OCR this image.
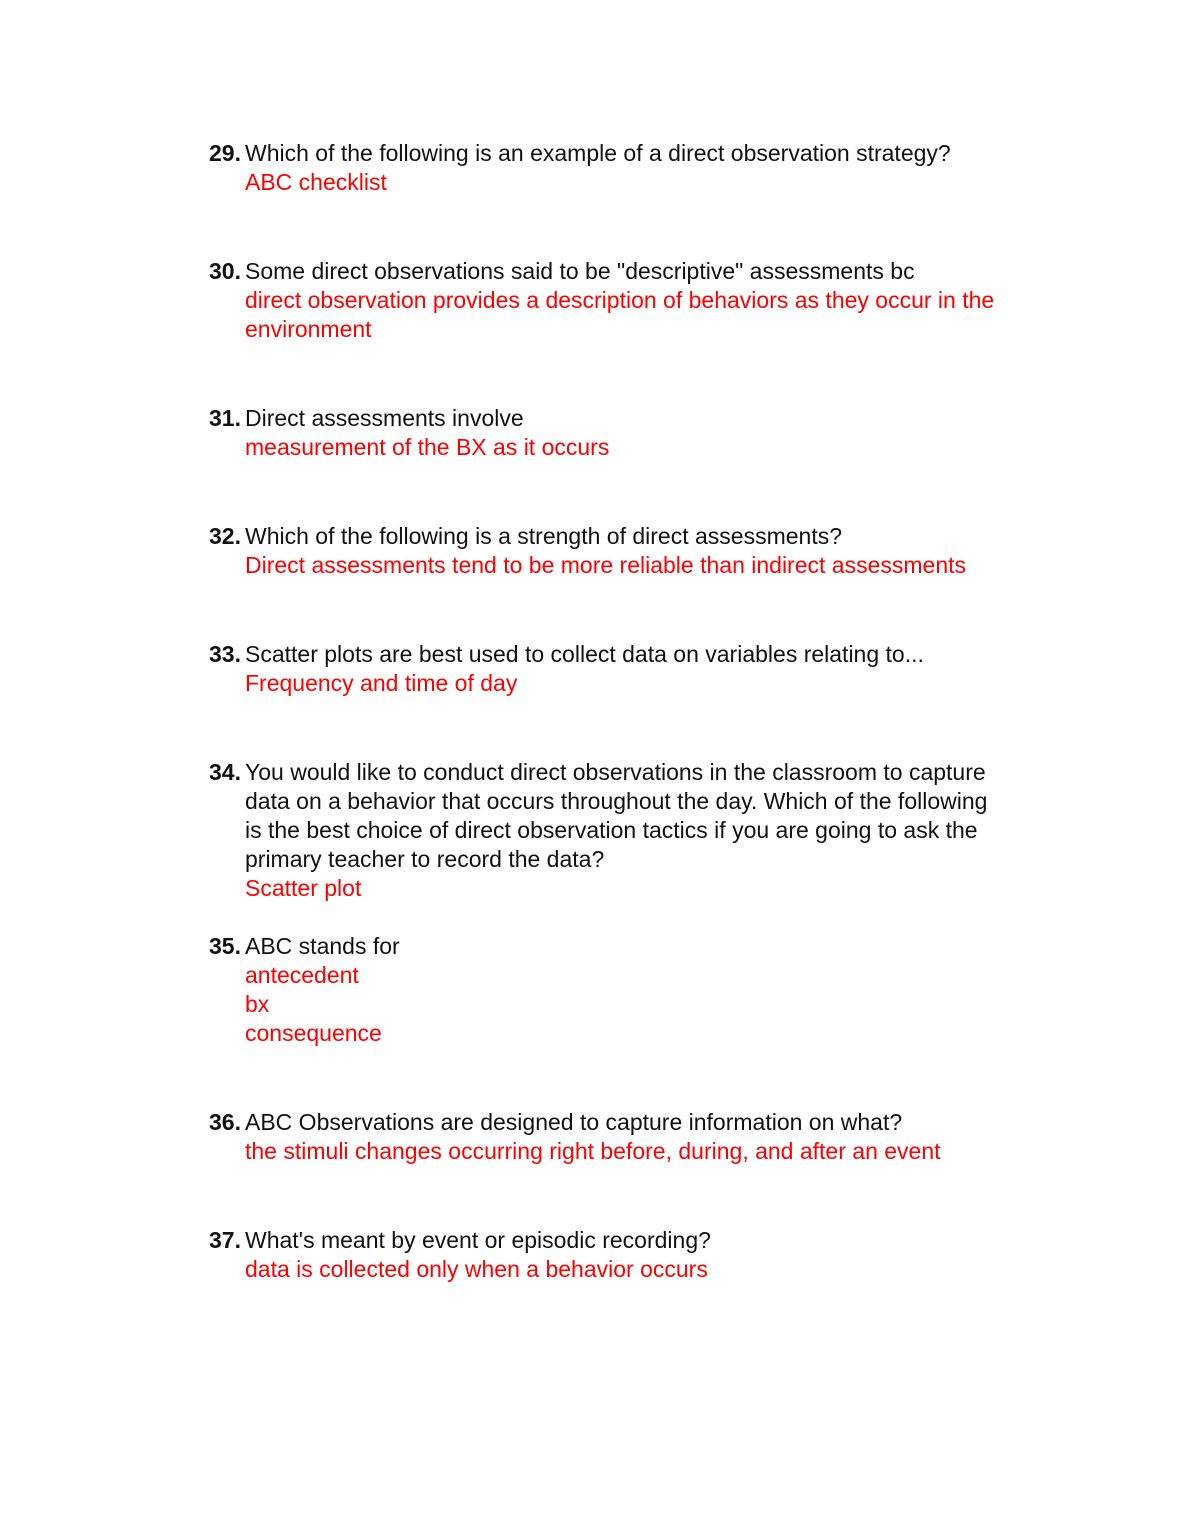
29. Which of the following is an example of a direct observation strategy?
ABC checklist
30. Some direct observations said to be "descriptive" assessments bc
direct observation provides a description of behaviors as they occur in the environment
31. Direct assessments involve
measurement of the BX as it occurs
32. Which of the following is a strength of direct assessments?
Direct assessments tend to be more reliable than indirect assessments
33. Scatter plots are best used to collect data on variables relating to...
Frequency and time of day
34. You would like to conduct direct observations in the classroom to capture data on a behavior that occurs throughout the day. Which of the following is the best choice of direct observation tactics if you are going to ask the primary teacher to record the data?
Scatter plot
35. ABC stands for
antecedent
bx
consequence
36. ABC Observations are designed to capture information on what?
the stimuli changes occurring right before, during, and after an event
37. What's meant by event or episodic recording?
data is collected only when a behavior occurs
